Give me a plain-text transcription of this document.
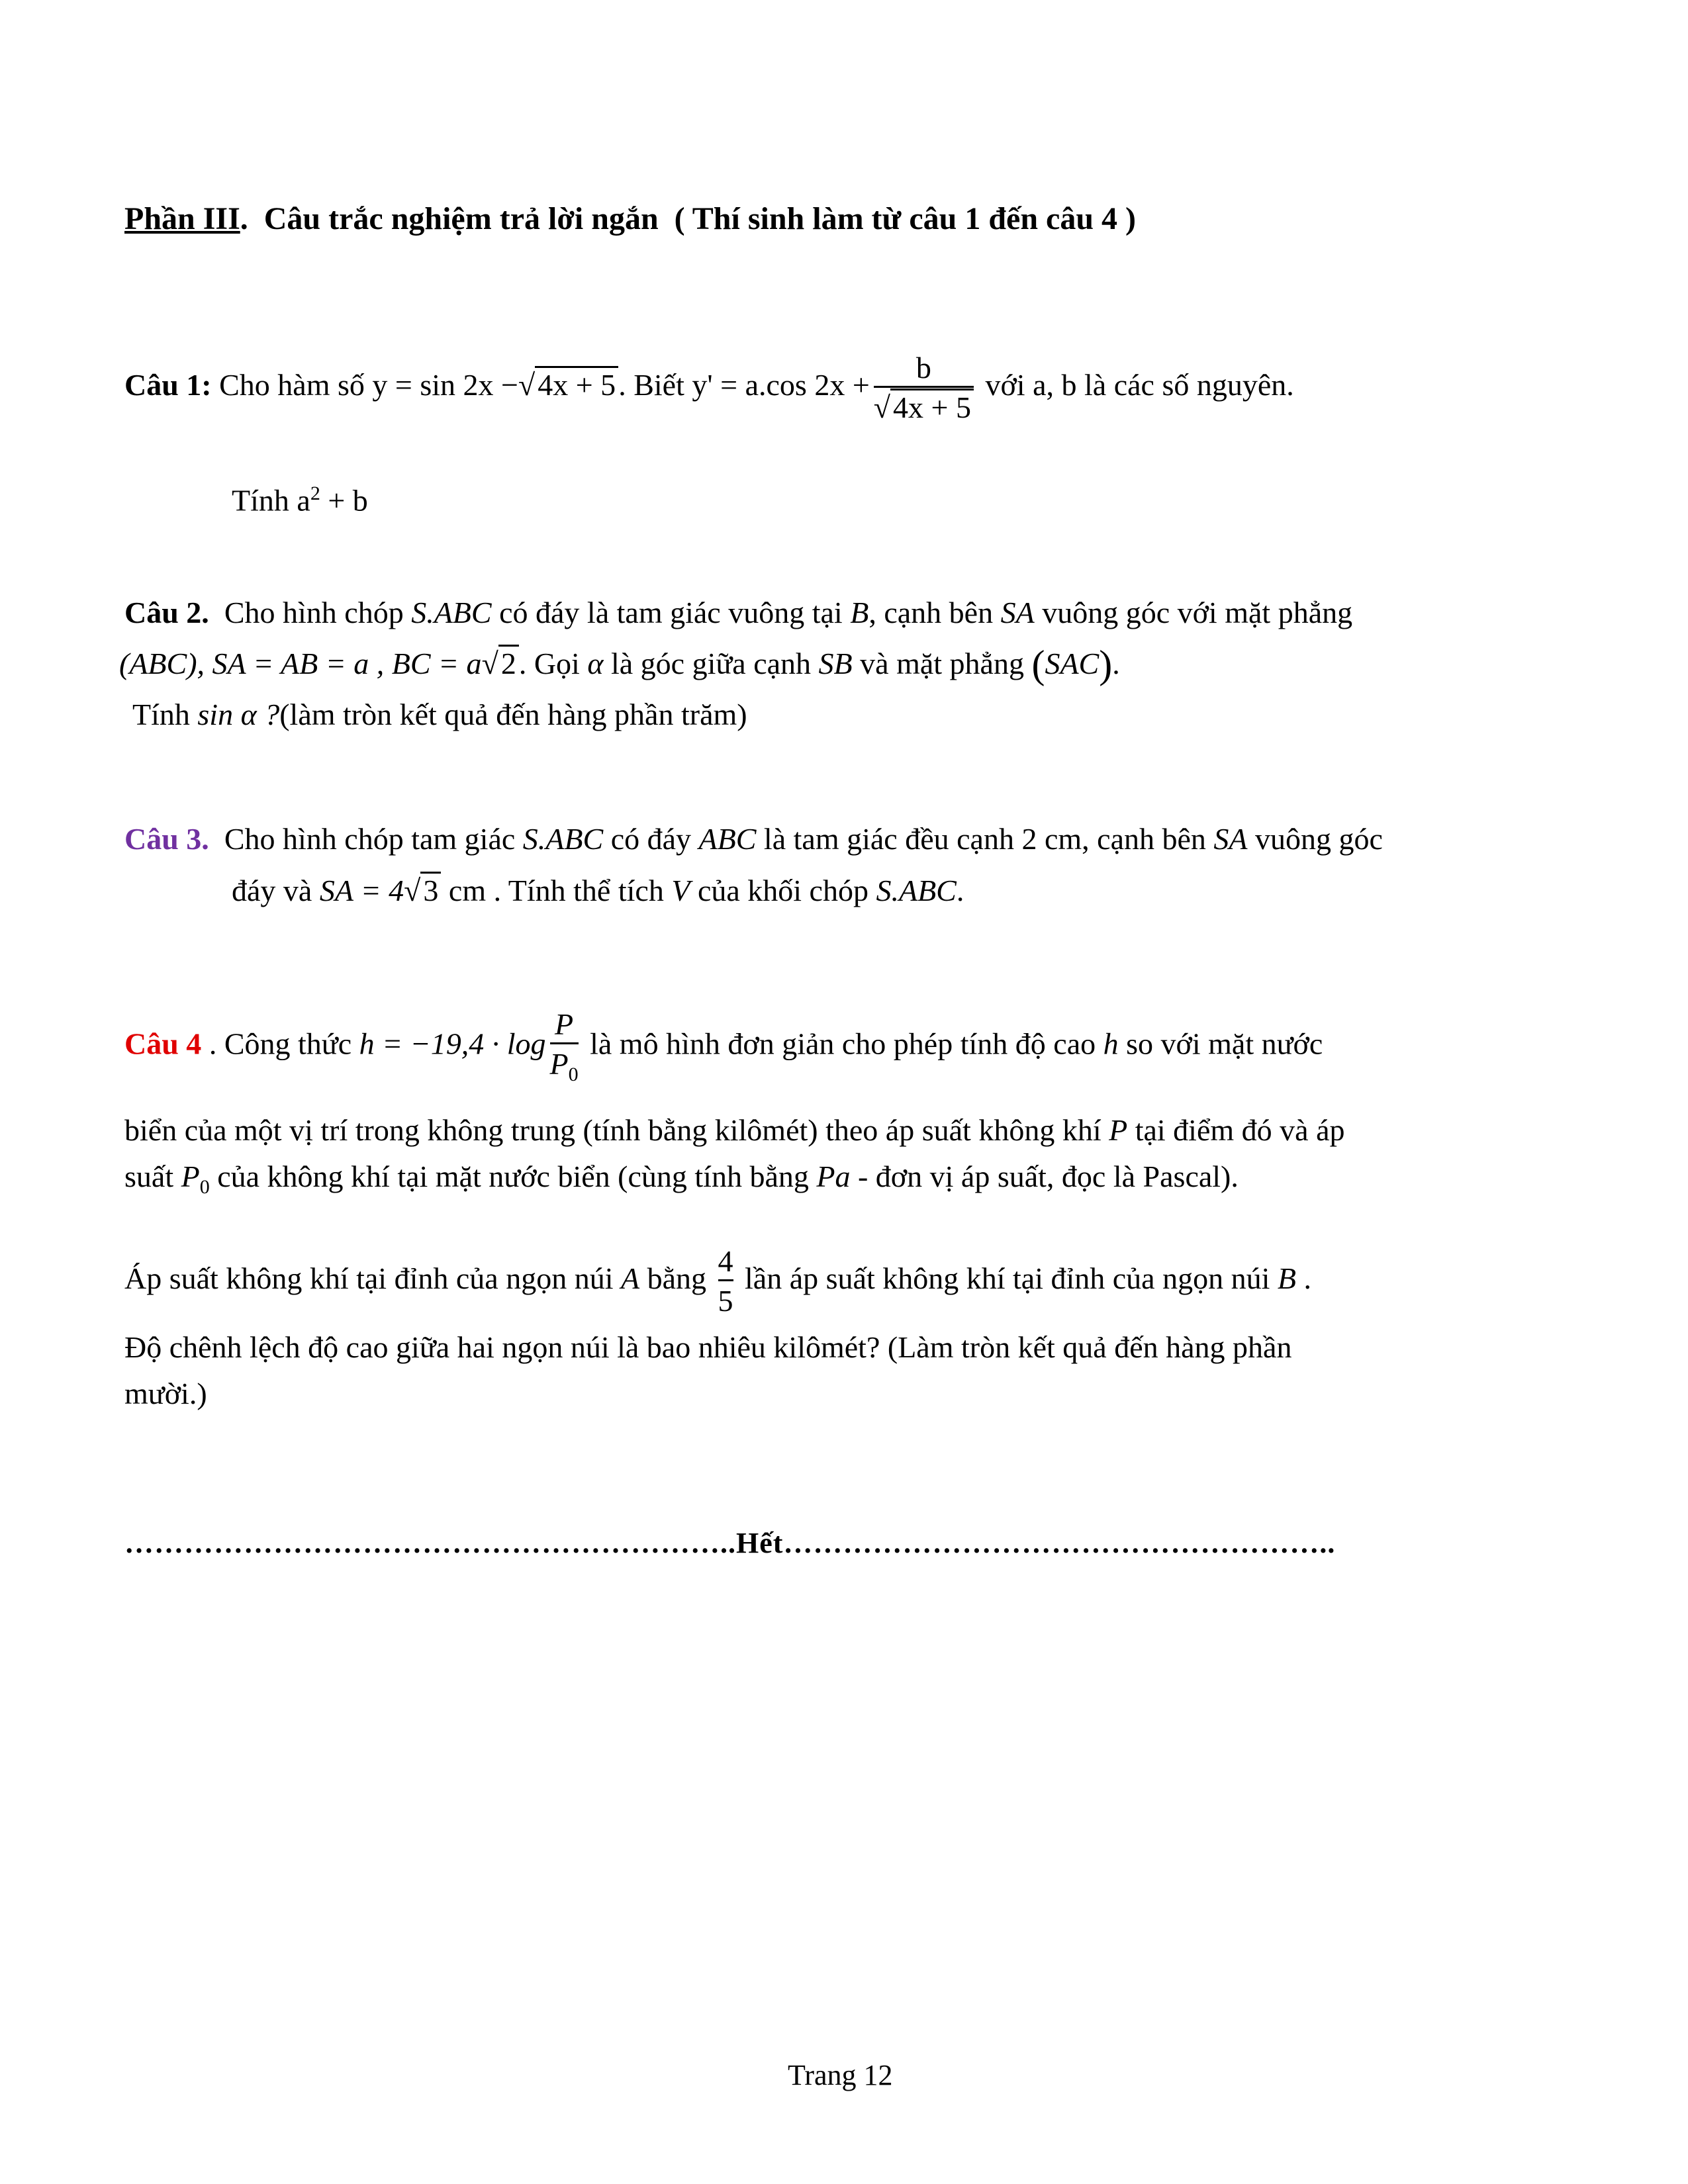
Phần III. Câu trắc nghiệm trả lời ngắn ( Thí sinh làm từ câu 1 đến câu 4 )
Câu 1: Cho hàm số y = sin 2x −√4x + 5. Biết y' = a.cos $2x + \frac{b}{√4x + 5}$ với a, b là các số nguyên.
Tính $a^2 + b$
Câu 2. Cho hình chóp S.ABC có đáy là tam giác vuông tại B, cạnh bên SA vuông góc với mặt phẳng
(ABC), SA = AB = a , BC = a√2. Gọi α là góc giữa cạnh SB và mặt phẳng (SAC).
Tính sin α ?(làm tròn kết quả đến hàng phần trăm)
Câu 3. Cho hình chóp tam giác S.ABC có đáy ABC là tam giác đều cạnh 2 cm, cạnh bên SA vuông góc
đáy và SA = 4√3 cm . Tính thể tích V của khối chóp S.ABC.
Câu 4 . Công thức $h = -19,4 \cdot \log \frac{P}{P_0}$ là mô hình đơn giản cho phép tính độ cao h so với mặt nước
biển của một vị trí trong không trung (tính bằng kilômét) theo áp suất không khí P tại điểm đó và áp
suất $P_0$ của không khí tại mặt nước biển (cùng tính bằng Pa - đơn vị áp suất, đọc là Pascal).
Áp suất không khí tại đỉnh của ngọn núi A bằng $\frac{4}{5}$ lần áp suất không khí tại đỉnh của ngọn núi B .
Độ chênh lệch độ cao giữa hai ngọn núi là bao nhiêu kilômét? (Làm tròn kết quả đến hàng phần
mười.)
……………………………………………………..Hết………………………………………………..
Trang 12
